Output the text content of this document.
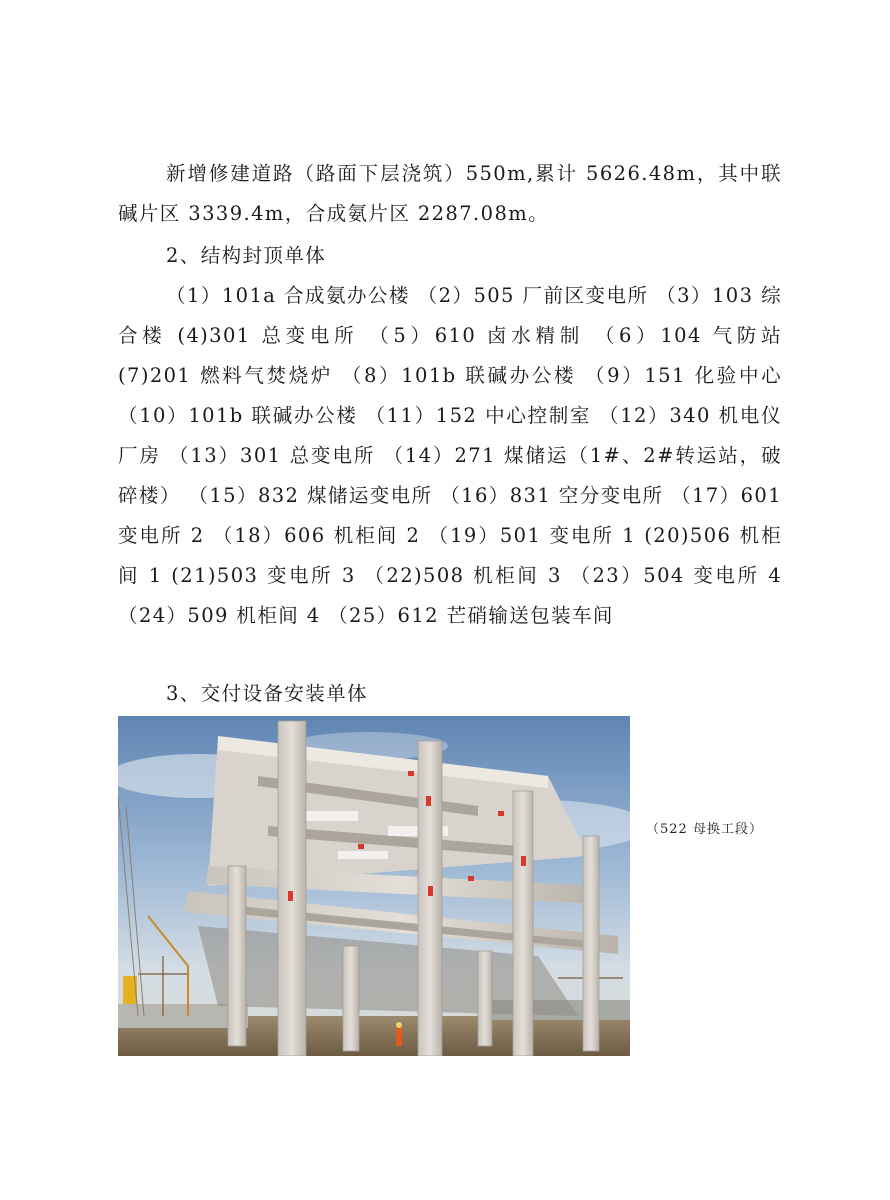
新增修建道路（路面下层浇筑）550m,累计 5626.48m，其中联碱片区 3339.4m，合成氨片区 2287.08m。

2、结构封顶单体

（1）101a 合成氨办公楼 （2）505 厂前区变电所 （3）103 综合楼 (4)301 总变电所 （5）610 卤水精制 （6）104 气防站 (7)201 燃料气焚烧炉 （8）101b 联碱办公楼 （9）151 化验中心 （10）101b 联碱办公楼 （11）152 中心控制室 （12）340 机电仪厂房 （13）301 总变电所 （14）271 煤储运（1#、2#转运站，破碎楼） （15）832 煤储运变电所 （16）831 空分变电所 （17）601 变电所 2 （18）606 机柜间 2 （19）501 变电所 1 (20)506 机柜间 1 (21)503 变电所 3 （22)508 机柜间 3 （23）504 变电所 4 （24）509 机柜间 4 （25）612 芒硝输送包装车间

3、交付设备安装单体

（522 母换工段）
